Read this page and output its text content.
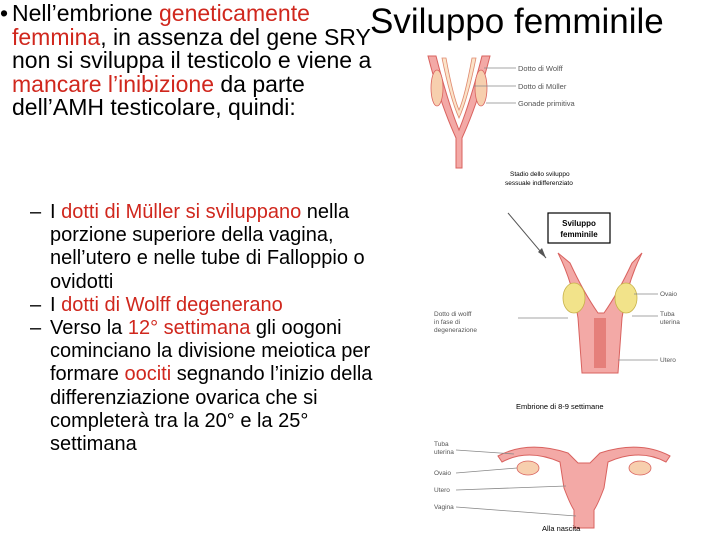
Sviluppo femminile
• Nell’embrione geneticamente femmina, in assenza del gene SRY non si sviluppa il testicolo e viene a mancare l’inibizione da parte dell’AMH testicolare, quindi:
– I dotti di Müller si sviluppano nella porzione superiore della vagina, nell’utero e nelle tube di Falloppio o ovidotti
– I dotti di Wolff degenerano
– Verso la 12° settimana gli oogoni cominciano la divisione meiotica per formare oociti segnando l’inizio della differenziazione ovarica che si completerà tra la 20° e la 25° settimana
Dotto di Wolff
Dotto di Müller
Gonade primitiva
Stadio dello sviluppo
sessuale indifferenziato
Sviluppo
femminile
Dotto di wolff
in fase di
degenerazione
Ovaio
Tuba
uterina
Utero
Embrione di 8-9 settimane
Tuba
uterina
Ovaio
Utero
Vagina
Alla nascita
